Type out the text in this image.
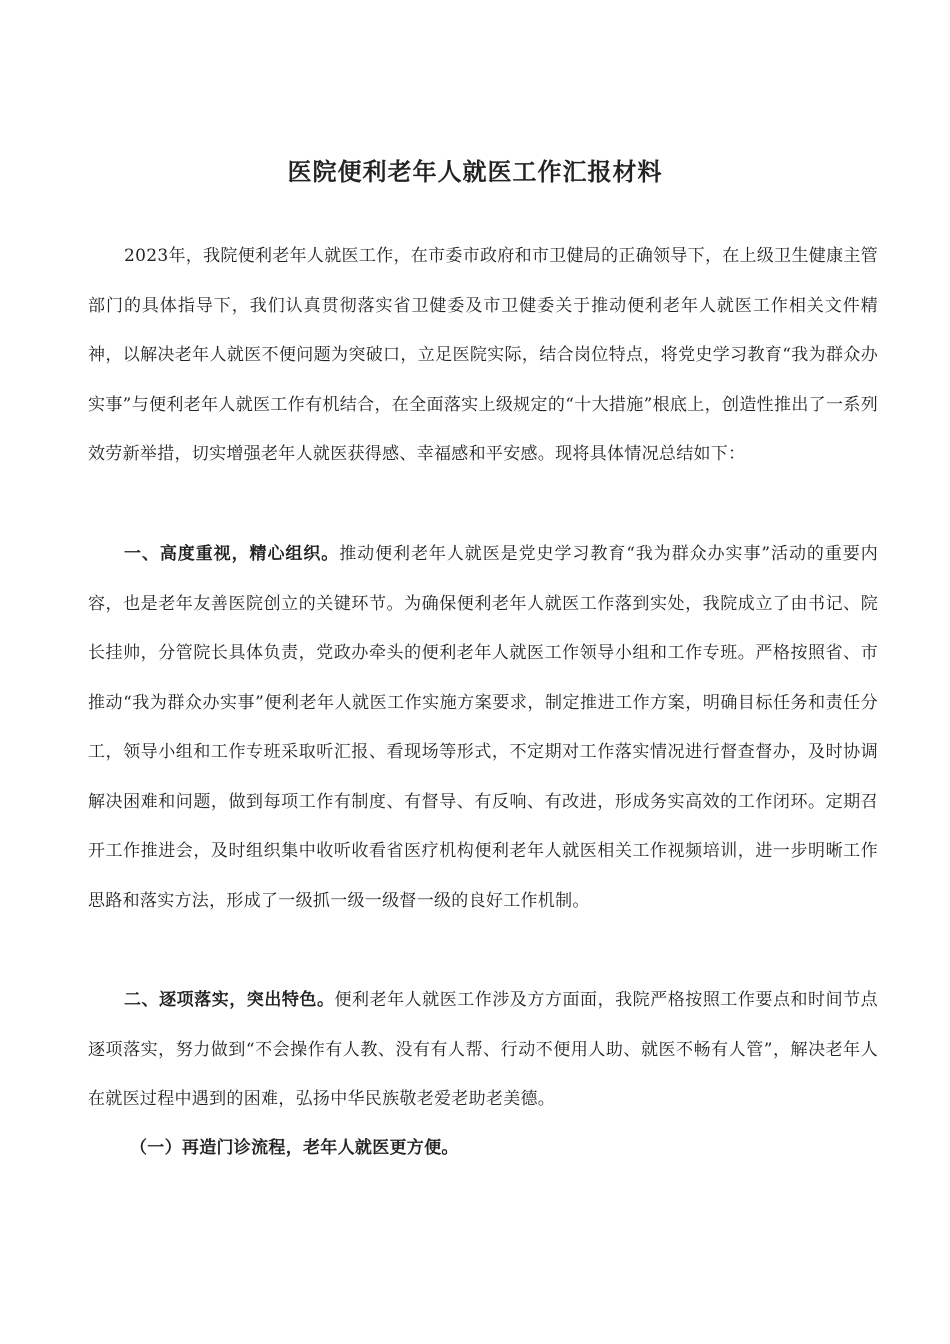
医院便利老年人就医工作汇报材料

2023年，我院便利老年人就医工作，在市委市政府和市卫健局的正确领导下，在上级卫生健康主管部门的具体指导下，我们认真贯彻落实省卫健委及市卫健委关于推动便利老年人就医工作相关文件精神，以解决老年人就医不便问题为突破口，立足医院实际，结合岗位特点，将党史学习教育“我为群众办实事”与便利老年人就医工作有机结合，在全面落实上级规定的“十大措施”根底上，创造性推出了一系列效劳新举措，切实增强老年人就医获得感、幸福感和平安感。现将具体情况总结如下：

一、高度重视，精心组织。推动便利老年人就医是党史学习教育“我为群众办实事”活动的重要内容，也是老年友善医院创立的关键环节。为确保便利老年人就医工作落到实处，我院成立了由书记、院长挂帅，分管院长具体负责，党政办牵头的便利老年人就医工作领导小组和工作专班。严格按照省、市推动“我为群众办实事”便利老年人就医工作实施方案要求，制定推进工作方案，明确目标任务和责任分工，领导小组和工作专班采取听汇报、看现场等形式，不定期对工作落实情况进行督查督办，及时协调解决困难和问题，做到每项工作有制度、有督导、有反响、有改进，形成务实高效的工作闭环。定期召开工作推进会，及时组织集中收听收看省医疗机构便利老年人就医相关工作视频培训，进一步明晰工作思路和落实方法，形成了一级抓一级一级督一级的良好工作机制。

二、逐项落实，突出特色。便利老年人就医工作涉及方方面面，我院严格按照工作要点和时间节点逐项落实，努力做到“不会操作有人教、没有有人帮、行动不便用人助、就医不畅有人管”，解决老年人在就医过程中遇到的困难，弘扬中华民族敬老爱老助老美德。

（一）再造门诊流程，老年人就医更方便。
